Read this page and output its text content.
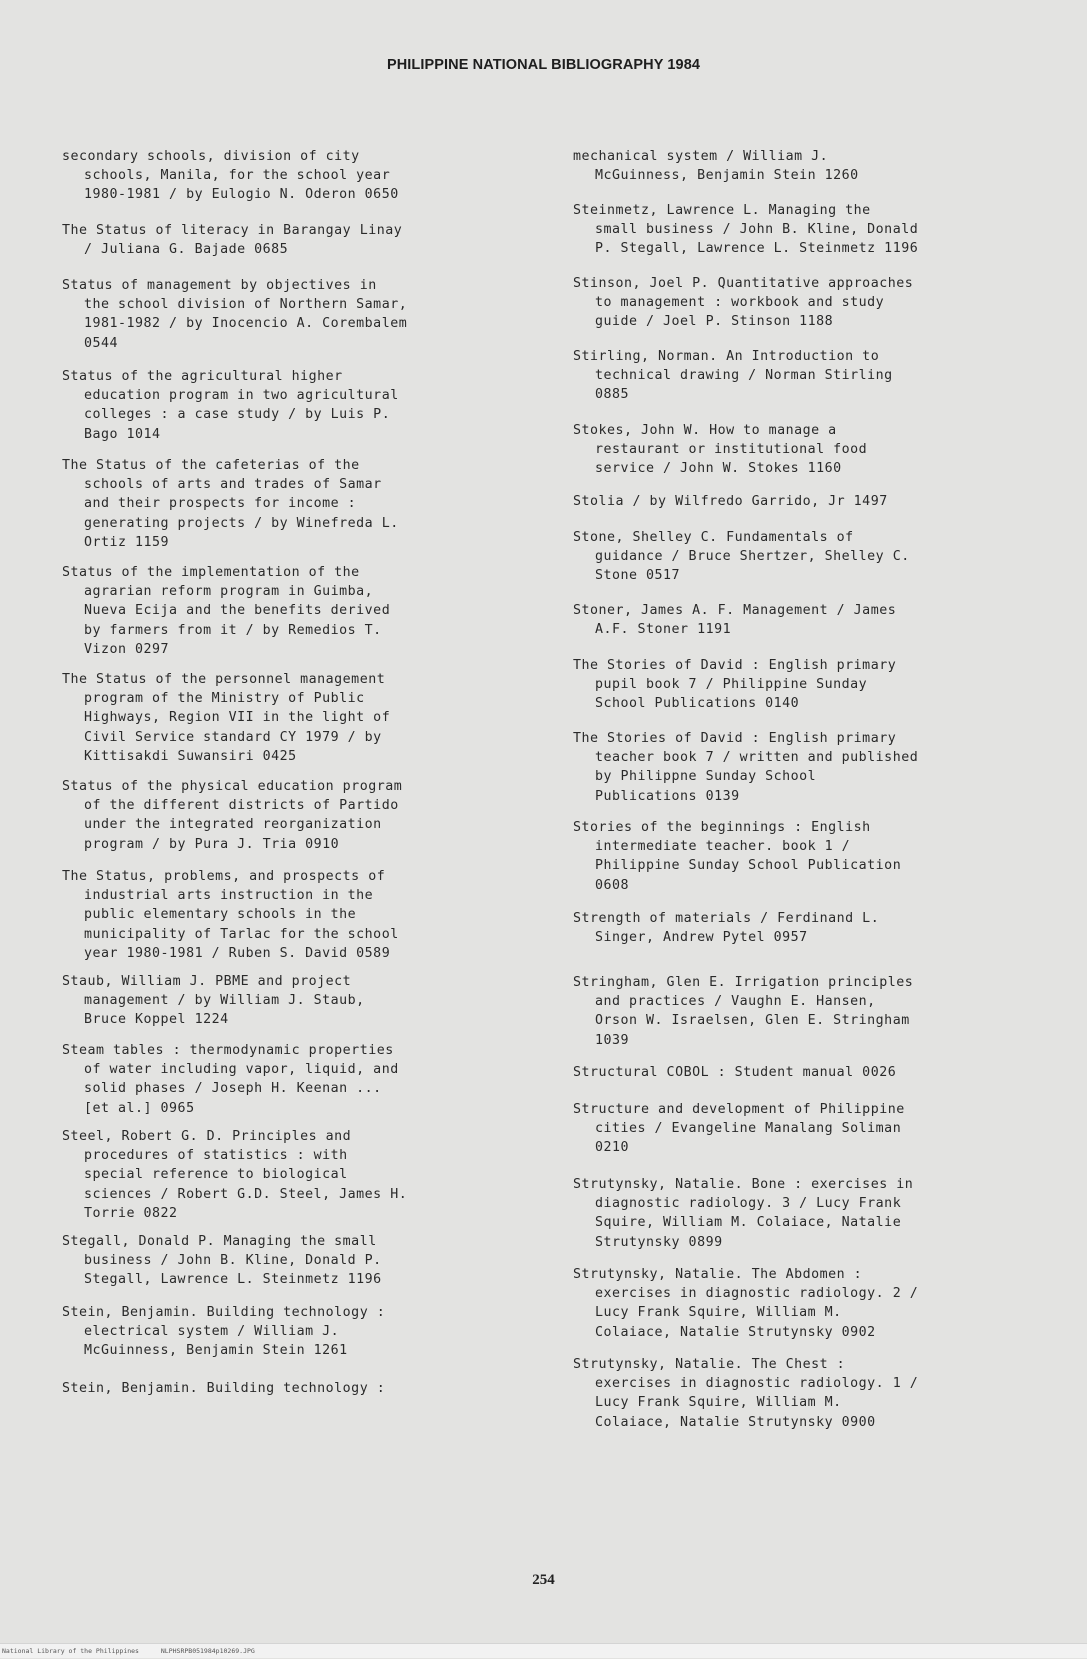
PHILIPPINE NATIONAL BIBLIOGRAPHY 1984

secondary schools, division of city
schools, Manila, for the school year
1980-1981 / by Eulogio N. Oderon 0650

The Status of literacy in Barangay Linay
/ Juliana G. Bajade 0685

Status of management by objectives in
the school division of Northern Samar,
1981-1982 / by Inocencio A. Corembalem
0544

Status of the agricultural higher
education program in two agricultural
colleges : a case study / by Luis P.
Bago 1014

The Status of the cafeterias of the
schools of arts and trades of Samar
and their prospects for income :
generating projects / by Winefreda L.
Ortiz 1159

Status of the implementation of the
agrarian reform program in Guimba,
Nueva Ecija and the benefits derived
by farmers from it / by Remedios T.
Vizon 0297

The Status of the personnel management
program of the Ministry of Public
Highways, Region VII in the light of
Civil Service standard CY 1979 / by
Kittisakdi Suwansiri 0425

Status of the physical education program
of the different districts of Partido
under the integrated reorganization
program / by Pura J. Tria 0910

The Status, problems, and prospects of
industrial arts instruction in the
public elementary schools in the
municipality of Tarlac for the school
year 1980-1981 / Ruben S. David 0589

Staub, William J. PBME and project
management / by William J. Staub,
Bruce Koppel 1224

Steam tables : thermodynamic properties
of water including vapor, liquid, and
solid phases / Joseph H. Keenan ...
[et al.] 0965

Steel, Robert G. D. Principles and
procedures of statistics : with
special reference to biological
sciences / Robert G.D. Steel, James H.
Torrie 0822

Stegall, Donald P. Managing the small
business / John B. Kline, Donald P.
Stegall, Lawrence L. Steinmetz 1196

Stein, Benjamin. Building technology :
electrical system / William J.
McGuinness, Benjamin Stein 1261

Stein, Benjamin. Building technology :

mechanical system / William J.
McGuinness, Benjamin Stein 1260

Steinmetz, Lawrence L. Managing the
small business / John B. Kline, Donald
P. Stegall, Lawrence L. Steinmetz 1196

Stinson, Joel P. Quantitative approaches
to management : workbook and study
guide / Joel P. Stinson 1188

Stirling, Norman. An Introduction to
technical drawing / Norman Stirling
0885

Stokes, John W. How to manage a
restaurant or institutional food
service / John W. Stokes 1160

Stolia / by Wilfredo Garrido, Jr 1497

Stone, Shelley C. Fundamentals of
guidance / Bruce Shertzer, Shelley C.
Stone 0517

Stoner, James A. F. Management / James
A.F. Stoner 1191

The Stories of David : English primary
pupil book 7 / Philippine Sunday
School Publications 0140

The Stories of David : English primary
teacher book 7 / written and published
by Philippne Sunday School
Publications 0139

Stories of the beginnings : English
intermediate teacher. book 1 /
Philippine Sunday School Publication
0608

Strength of materials / Ferdinand L.
Singer, Andrew Pytel 0957

Stringham, Glen E. Irrigation principles
and practices / Vaughn E. Hansen,
Orson W. Israelsen, Glen E. Stringham
1039

Structural COBOL : Student manual 0026

Structure and development of Philippine
cities / Evangeline Manalang Soliman
0210

Strutynsky, Natalie. Bone : exercises in
diagnostic radiology. 3 / Lucy Frank
Squire, William M. Colaiace, Natalie
Strutynsky 0899

Strutynsky, Natalie. The Abdomen :
exercises in diagnostic radiology. 2 /
Lucy Frank Squire, William M.
Colaiace, Natalie Strutynsky 0902

Strutynsky, Natalie. The Chest :
exercises in diagnostic radiology. 1 /
Lucy Frank Squire, William M.
Colaiace, Natalie Strutynsky 0900

254
National Library of the Philippines	NLPHSRPB051984p10269.JPG
